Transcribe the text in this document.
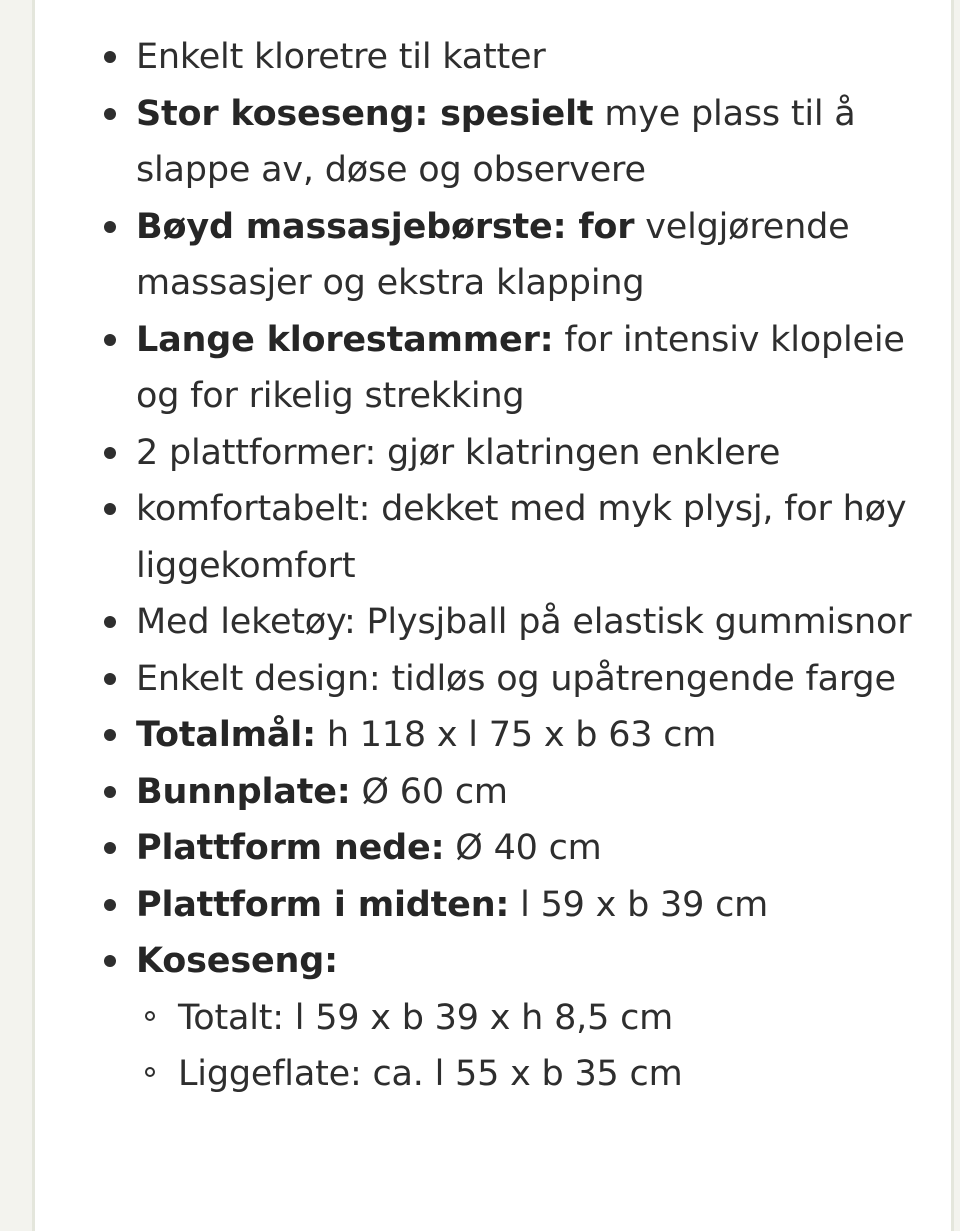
Enkelt kloretre til katter
Stor koseseng: spesielt mye plass til å slappe av, døse og observere
Bøyd massasjebørste: for velgjørende massasjer og ekstra klapping
Lange klorestammer: for intensiv klopleie og for rikelig strekking
2 plattformer: gjør klatringen enklere
komfortabelt: dekket med myk plysj, for høy liggekomfort
Med leketøy: Plysjball på elastisk gummisnor
Enkelt design: tidløs og upåtrengende farge
Totalmål: h 118 x l 75 x b 63 cm
Bunnplate: Ø 60 cm
Plattform nede: Ø 40 cm
Plattform i midten: l 59 x b 39 cm
Koseseng:
Totalt: l 59 x b 39 x h 8,5 cm
Liggeflate: ca. l 55 x b 35 cm
